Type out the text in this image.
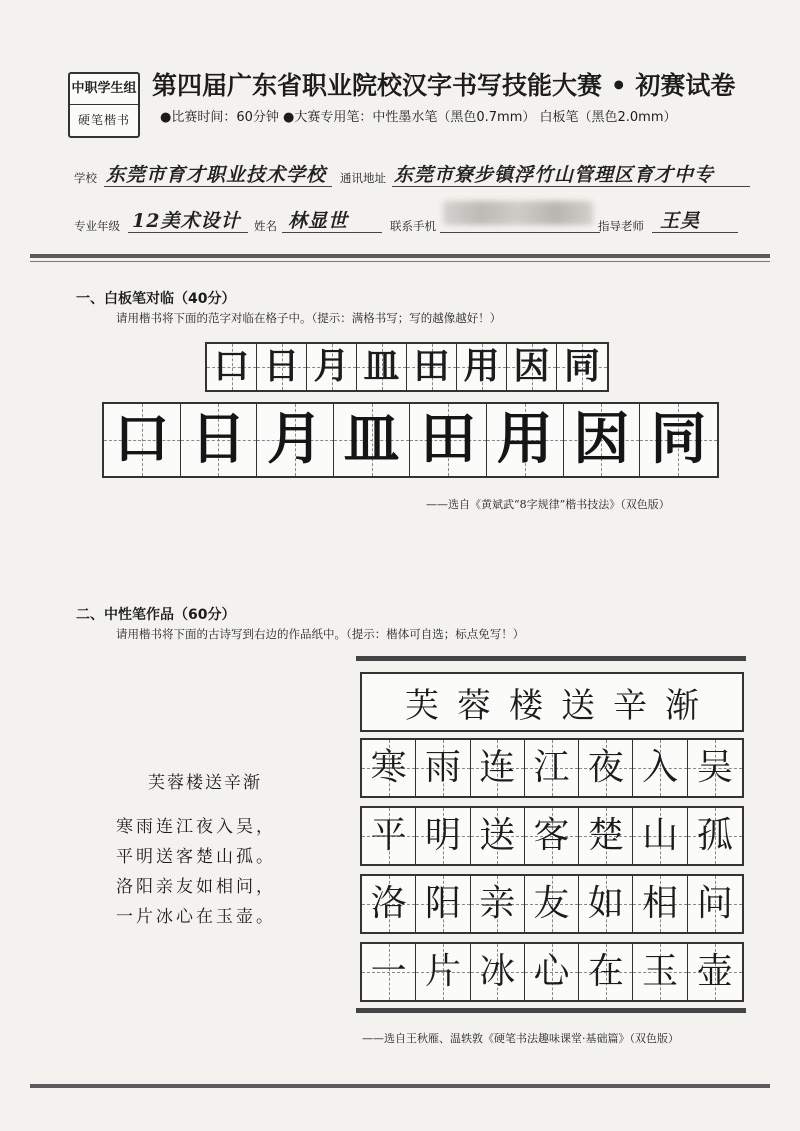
中职学生组
硬笔楷书
第四届广东省职业院校汉字书写技能大赛 • 初赛试卷
●比赛时间：60分钟 ●大赛专用笔：中性墨水笔（黑色0.7mm） 白板笔（黑色2.0mm）
学校 东莞市育才职业技术学校 通讯地址 东莞市寮步镇浮竹山管理区育才中专
专业年级 12美术设计 姓名 林显世	联系手机	指导老师 王昊
一、白板笔对临（40分）
请用楷书将下面的范字对临在格子中。（提示：满格书写；写的越像越好！）
口 日 月 皿 田 用 因 同
口 日 月 皿 田 用 因 同
——选自《黄斌武“8字规律”楷书技法》（双色版）
二、中性笔作品（60分）
请用楷书将下面的古诗写到右边的作品纸中。（提示：楷体可自选；标点免写！）
芙蓉楼送辛渐
寒雨连江夜入吴，
平明送客楚山孤。
洛阳亲友如相问，
一片冰心在玉壶。
芙蓉楼送辛渐
寒 雨 连 江 夜 入 吴
平 明 送 客 楚 山 孤
洛 阳 亲 友 如 相 问
一 片 冰 心 在 玉 壶
——选自王秋雁、温轶敦《硬笔书法趣味课堂·基础篇》（双色版）
